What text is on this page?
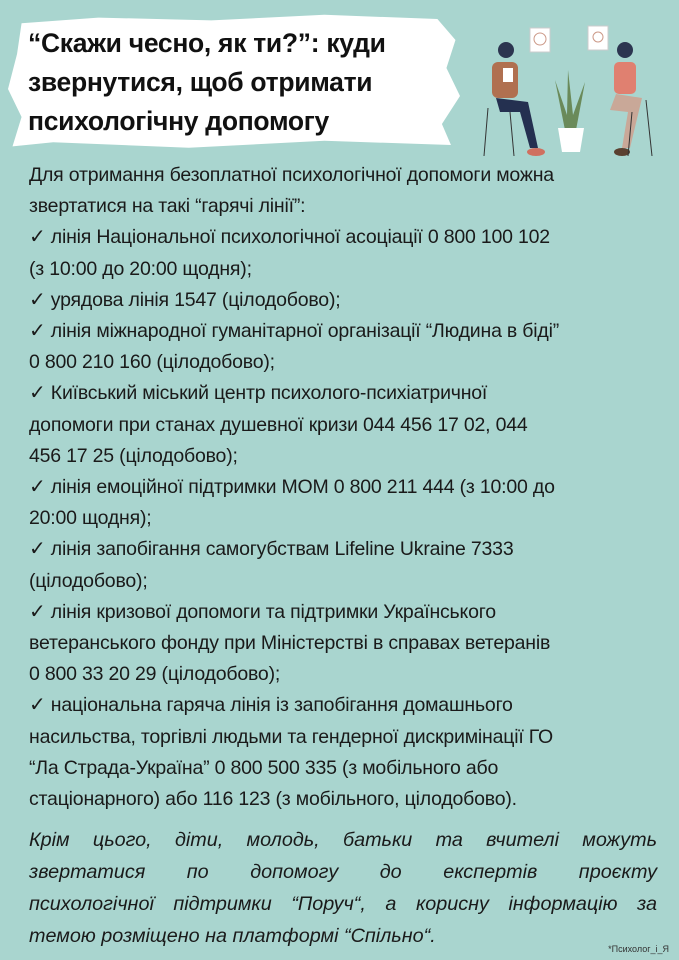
“Скажи чесно, як ти?”: куди
звернутися, щоб отримати
психологічну допомогу
Для отримання безоплатної психологічної допомоги можна
звертатися на такі “гарячі лінії”:
✓ лінія Національної психологічної асоціації 0 800 100 102
(з 10:00 до 20:00 щодня);
✓ урядова лінія 1547 (цілодобово);
✓ лінія міжнародної гуманітарної організації “Людина в біді”
0 800 210 160 (цілодобово);
✓ Київський міський центр психолого-психіатричної
допомоги при станах душевної кризи 044 456 17 02, 044
456 17 25 (цілодобово);
✓ лінія емоційної підтримки МОМ 0 800 211 444 (з 10:00 до
20:00 щодня);
✓ лінія запобігання самогубствам Lifeline Ukraine 7333
(цілодобово);
✓ лінія кризової допомоги та підтримки Українського
ветеранського фонду при Міністерстві в справах ветеранів
0 800 33 20 29 (цілодобово);
✓ національна гаряча лінія із запобігання домашнього
насильства, торгівлі людьми та гендерної дискримінації ГО
“Ла Страда-Україна” 0 800 500 335 (з мобільного або
стаціонарного) або 116 123 (з мобільного, цілодобово).
Крім цього, діти, молодь, батьки та вчителі можуть
звертатися по допомогу до експертів проєкту
психологічної підтримки “Поруч“, а корисну інформацію за
темою розміщено на платформі “Спільно“.
*Психолог_і_Я
